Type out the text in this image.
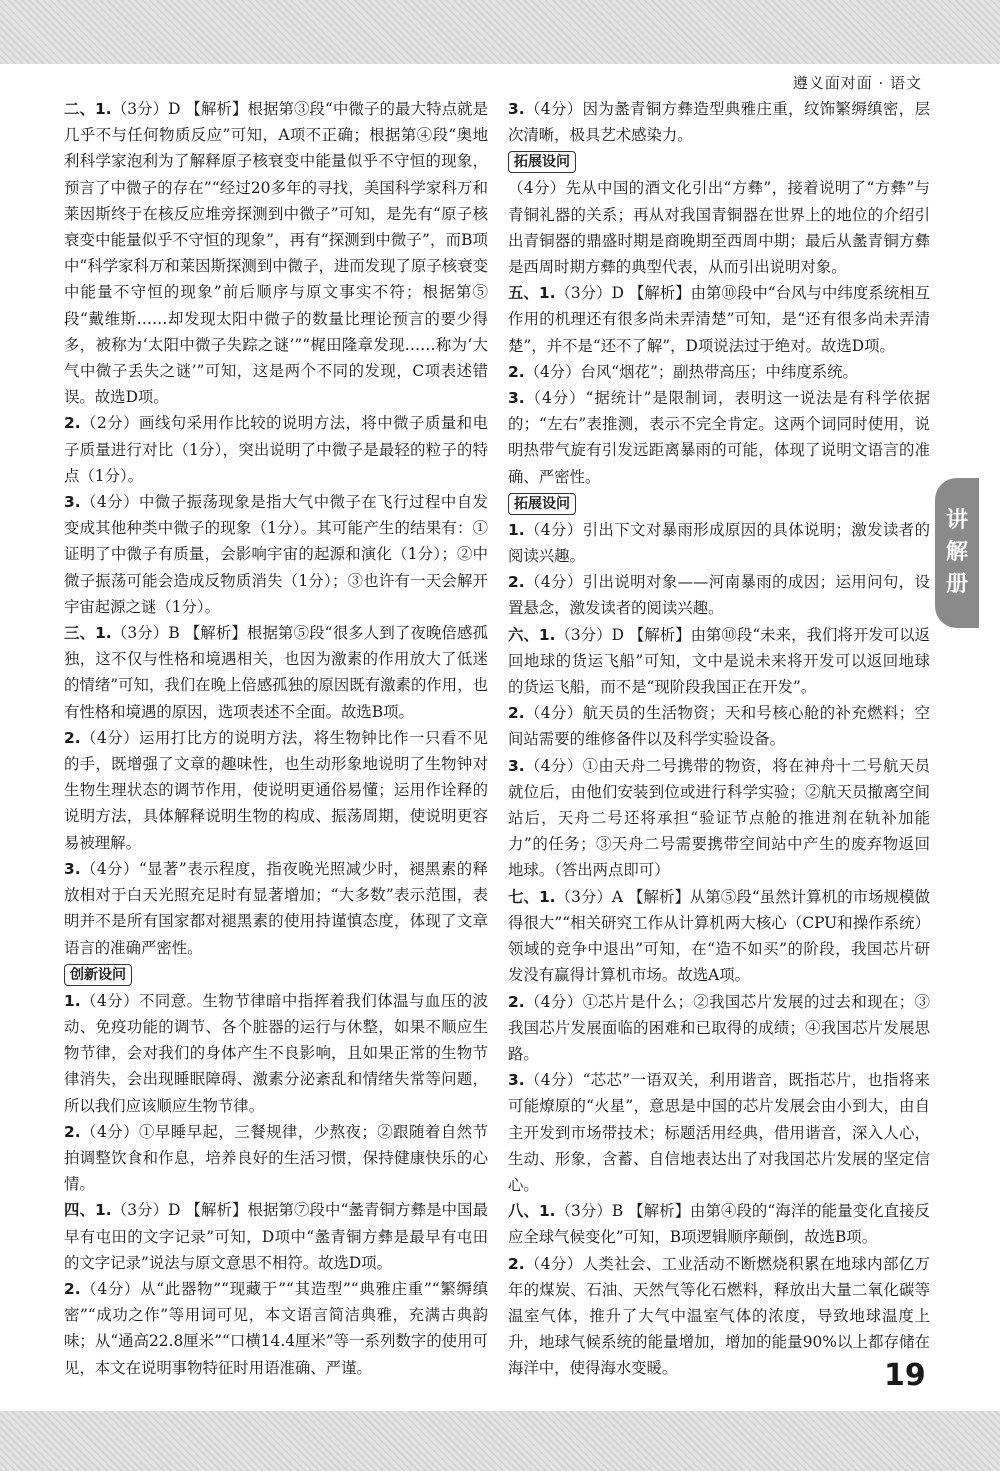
遵义面对面 · 语文

二、1.（3分）D 【解析】根据第③段“中微子的最大特点就是几乎不与任何物质反应”可知，A项不正确；根据第④段“奥地利科学家泡利为了解释原子核衰变中能量似乎不守恒的现象，预言了中微子的存在”“经过20多年的寻找，美国科学家科万和莱因斯终于在核反应堆旁探测到中微子”可知，是先有“原子核衰变中能量似乎不守恒的现象”，再有“探测到中微子”，而B项中“科学家科万和莱因斯探测到中微子，进而发现了原子核衰变中能量不守恒的现象”前后顺序与原文事实不符；根据第⑤段“戴维斯……却发现太阳中微子的数量比理论预言的要少得多，被称为‘太阳中微子失踪之谜’”“梶田隆章发现……称为‘大气中微子丢失之谜’”可知，这是两个不同的发现，C项表述错误。故选D项。

2.（2分）画线句采用作比较的说明方法，将中微子质量和电子质量进行对比（1分），突出说明了中微子是最轻的粒子的特点（1分）。

3.（4分）中微子振荡现象是指大气中微子在飞行过程中自发变成其他种类中微子的现象（1分）。其可能产生的结果有：①证明了中微子有质量，会影响宇宙的起源和演化（1分）；②中微子振荡可能会造成反物质消失（1分）；③也许有一天会解开宇宙起源之谜（1分）。

三、1.（3分）B 【解析】根据第⑤段“很多人到了夜晚倍感孤独，这不仅与性格和境遇相关，也因为激素的作用放大了低迷的情绪”可知，我们在晚上倍感孤独的原因既有激素的作用，也有性格和境遇的原因，选项表述不全面。故选B项。

2.（4分）运用打比方的说明方法，将生物钟比作一只看不见的手，既增强了文章的趣味性，也生动形象地说明了生物钟对生物生理状态的调节作用，使说明更通俗易懂；运用作诠释的说明方法，具体解释说明生物的构成、振荡周期，使说明更容易被理解。

3.（4分）“显著”表示程度，指夜晚光照减少时，褪黑素的释放相对于白天光照充足时有显著增加；“大多数”表示范围，表明并不是所有国家都对褪黑素的使用持谨慎态度，体现了文章语言的准确严密性。

创新设问

1.（4分）不同意。生物节律暗中指挥着我们体温与血压的波动、免疫功能的调节、各个脏器的运行与休整，如果不顺应生物节律，会对我们的身体产生不良影响，且如果正常的生物节律消失，会出现睡眠障碍、激素分泌紊乱和情绪失常等问题，所以我们应该顺应生物节律。

2.（4分）①早睡早起，三餐规律，少熬夜；②跟随着自然节拍调整饮食和作息，培养良好的生活习惯，保持健康快乐的心情。

四、1.（3分）D 【解析】根据第⑦段中“盠青铜方彝是中国最早有屯田的文字记录”可知，D项中“盠青铜方彝是最早有屯田的文字记录”说法与原文意思不相符。故选D项。

2.（4分）从“此器物”“现藏于”“其造型”“典雅庄重”“繁缛缜密”“成功之作”等用词可见，本文语言简洁典雅，充满古典韵味；从“通高22.8厘米”“口横14.4厘米”等一系列数字的使用可见，本文在说明事物特征时用语准确、严谨。

3.（4分）因为盠青铜方彝造型典雅庄重，纹饰繁缛缜密，层次清晰，极具艺术感染力。

拓展设问

（4分）先从中国的酒文化引出“方彝”，接着说明了“方彝”与青铜礼器的关系；再从对我国青铜器在世界上的地位的介绍引出青铜器的鼎盛时期是商晚期至西周中期；最后从盠青铜方彝是西周时期方彝的典型代表，从而引出说明对象。

五、1.（3分）D 【解析】由第⑩段中“台风与中纬度系统相互作用的机理还有很多尚未弄清楚”可知，是“还有很多尚未弄清楚”，并不是“还不了解”，D项说法过于绝对。故选D项。

2.（4分）台风“烟花”；副热带高压；中纬度系统。

3.（4分）“据统计”是限制词，表明这一说法是有科学依据的；“左右”表推测，表示不完全肯定。这两个词同时使用，说明热带气旋有引发远距离暴雨的可能，体现了说明文语言的准确、严密性。

拓展设问

1.（4分）引出下文对暴雨形成原因的具体说明；激发读者的阅读兴趣。

2.（4分）引出说明对象——河南暴雨的成因；运用问句，设置悬念，激发读者的阅读兴趣。

六、1.（3分）D 【解析】由第⑩段“未来，我们将开发可以返回地球的货运飞船”可知，文中是说未来将开发可以返回地球的货运飞船，而不是“现阶段我国正在开发”。

2.（4分）航天员的生活物资；天和号核心舱的补充燃料；空间站需要的维修备件以及科学实验设备。

3.（4分）①由天舟二号携带的物资，将在神舟十二号航天员就位后，由他们安装到位或进行科学实验；②航天员撤离空间站后，天舟二号还将承担“验证节点舱的推进剂在轨补加能力”的任务；③天舟二号需要携带空间站中产生的废弃物返回地球。（答出两点即可）

七、1.（3分）A 【解析】从第⑤段“虽然计算机的市场规模做得很大”“相关研究工作从计算机两大核心（CPU和操作系统）领域的竞争中退出”可知，在“造不如买”的阶段，我国芯片研发没有赢得计算机市场。故选A项。

2.（4分）①芯片是什么；②我国芯片发展的过去和现在；③我国芯片发展面临的困难和已取得的成绩；④我国芯片发展思路。

3.（4分）“芯芯”一语双关，利用谐音，既指芯片，也指将来可能燎原的“火星”，意思是中国的芯片发展会由小到大，由自主开发到市场带技术；标题活用经典，借用谐音，深入人心，生动、形象，含蓄、自信地表达出了对我国芯片发展的坚定信心。

八、1.（3分）B 【解析】由第④段的“海洋的能量变化直接反应全球气候变化”可知，B项逻辑顺序颠倒，故选B项。

2.（4分）人类社会、工业活动不断燃烧积累在地球内部亿万年的煤炭、石油、天然气等化石燃料，释放出大量二氧化碳等温室气体，推升了大气中温室气体的浓度，导致地球温度上升，地球气候系统的能量增加，增加的能量90%以上都存储在海洋中，使得海水变暖。

讲
解
册
19
